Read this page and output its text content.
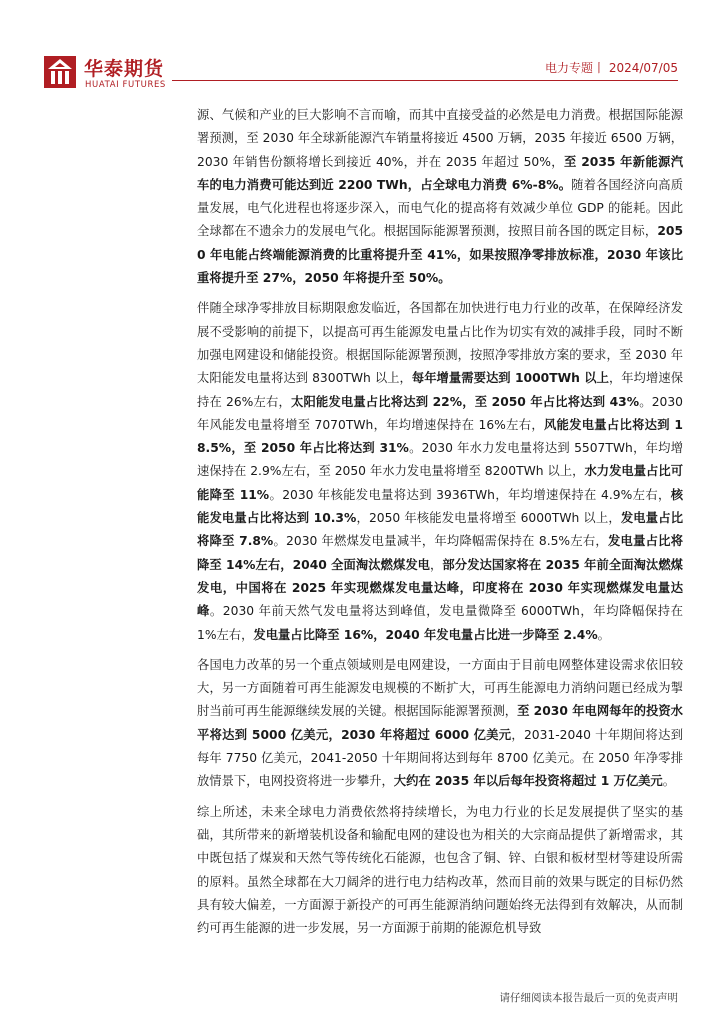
华泰期货
HUATAI FUTURES
电力专题丨 2024/07/05

源、气候和产业的巨大影响不言而喻，而其中直接受益的必然是电力消费。根据国际能源署预测，至 2030 年全球新能源汽车销量将接近 4500 万辆，2035 年接近 6500 万辆，2030 年销售份额将增长到接近 40%，并在 2035 年超过 50%，至 2035 年新能源汽车的电力消费可能达到近 2200 TWh，占全球电力消费 6%-8%。随着各国经济向高质量发展，电气化进程也将逐步深入，而电气化的提高将有效减少单位 GDP 的能耗。因此全球都在不遗余力的发展电气化。根据国际能源署预测，按照目前各国的既定目标，2050 年电能占终端能源消费的比重将提升至 41%，如果按照净零排放标准，2030 年该比重将提升至 27%，2050 年将提升至 50%。

伴随全球净零排放目标期限愈发临近，各国都在加快进行电力行业的改革，在保障经济发展不受影响的前提下，以提高可再生能源发电量占比作为切实有效的减排手段，同时不断加强电网建设和储能投资。根据国际能源署预测，按照净零排放方案的要求，至 2030 年太阳能发电量将达到 8300TWh 以上，每年增量需要达到 1000TWh 以上，年均增速保持在 26%左右，太阳能发电量占比将达到 22%，至 2050 年占比将达到 43%。2030 年风能发电量将增至 7070TWh，年均增速保持在 16%左右，风能发电量占比将达到 18.5%，至 2050 年占比将达到 31%。2030 年水力发电量将达到 5507TWh，年均增速保持在 2.9%左右，至 2050 年水力发电量将增至 8200TWh 以上，水力发电量占比可能降至 11%。2030 年核能发电量将达到 3936TWh，年均增速保持在 4.9%左右，核能发电量占比将达到 10.3%，2050 年核能发电量将增至 6000TWh 以上，发电量占比将降至 7.8%。2030 年燃煤发电量减半，年均降幅需保持在 8.5%左右，发电量占比将降至 14%左右，2040 全面淘汰燃煤发电，部分发达国家将在 2035 年前全面淘汰燃煤发电，中国将在 2025 年实现燃煤发电量达峰，印度将在 2030 年实现燃煤发电量达峰。2030 年前天然气发电量将达到峰值，发电量微降至 6000TWh，年均降幅保持在 1%左右，发电量占比降至 16%，2040 年发电量占比进一步降至 2.4%。

各国电力改革的另一个重点领域则是电网建设，一方面由于目前电网整体建设需求依旧较大，另一方面随着可再生能源发电规模的不断扩大，可再生能源电力消纳问题已经成为掣肘当前可再生能源继续发展的关键。根据国际能源署预测，至 2030 年电网每年的投资水平将达到 5000 亿美元，2030 年将超过 6000 亿美元，2031-2040 十年期间将达到每年 7750 亿美元，2041-2050 十年期间将达到每年 8700 亿美元。在 2050 年净零排放情景下，电网投资将进一步攀升，大约在 2035 年以后每年投资将超过 1 万亿美元。

综上所述，未来全球电力消费依然将持续增长，为电力行业的长足发展提供了坚实的基础，其所带来的新增装机设备和输配电网的建设也为相关的大宗商品提供了新增需求，其中既包括了煤炭和天然气等传统化石能源，也包含了铜、锌、白银和板材型材等建设所需的原料。虽然全球都在大刀阔斧的进行电力结构改革，然而目前的效果与既定的目标仍然具有较大偏差，一方面源于新投产的可再生能源消纳问题始终无法得到有效解决，从而制约可再生能源的进一步发展，另一方面源于前期的能源危机导致

请仔细阅读本报告最后一页的免责声明
